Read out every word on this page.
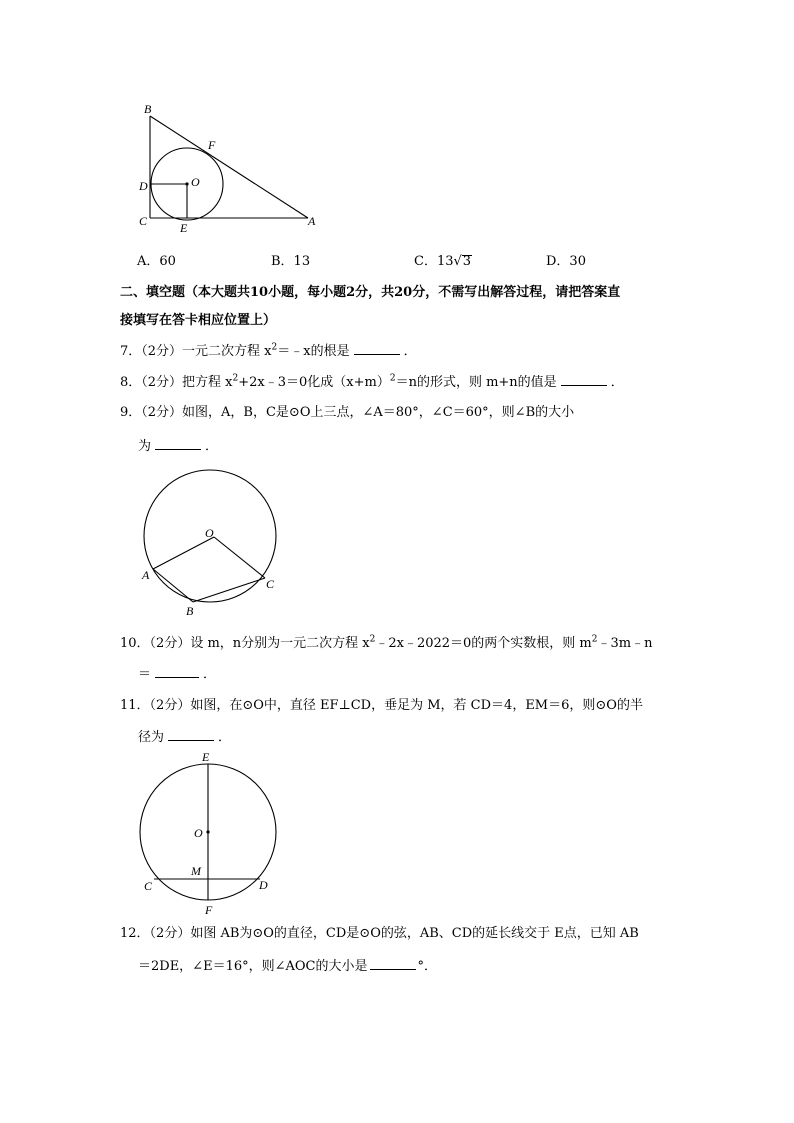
B
F
D	O
C	E	A
A．60	B．13	C．13√3	D．30
二、填空题（本大题共10小题，每小题2分，共20分，不需写出解答过程，请把答案直
接填写在答卡相应位置上）
7．（2分）一元二次方程 $x^2=﹣x$的根是	．
8．（2分）把方程 $x^2+2x﹣3=0$化成$(x+m)^2=n$的形式，则 m+n的值是	．
9．（2分）如图，A，B，C是⊙O上三点，∠A＝80°，∠C＝60°，则∠B的大小
为	．
O
A
B
C
10．（2分）设 m，n分别为一元二次方程 $x^2﹣2x﹣2022=0$的两个实数根，则 $m^2﹣3m﹣n$
＝	．
11．（2分）如图，在⊙O中，直径 EF⊥CD，垂足为 M，若 CD＝4，EM＝6，则⊙O的半
径为	．
E
O
M
C	D
F
12．（2分）如图 AB为⊙O的直径，CD是⊙O的弦，AB、CD的延长线交于 E点，已知 AB
＝2DE，∠E＝16°，则∠AOC的大小是	°．
